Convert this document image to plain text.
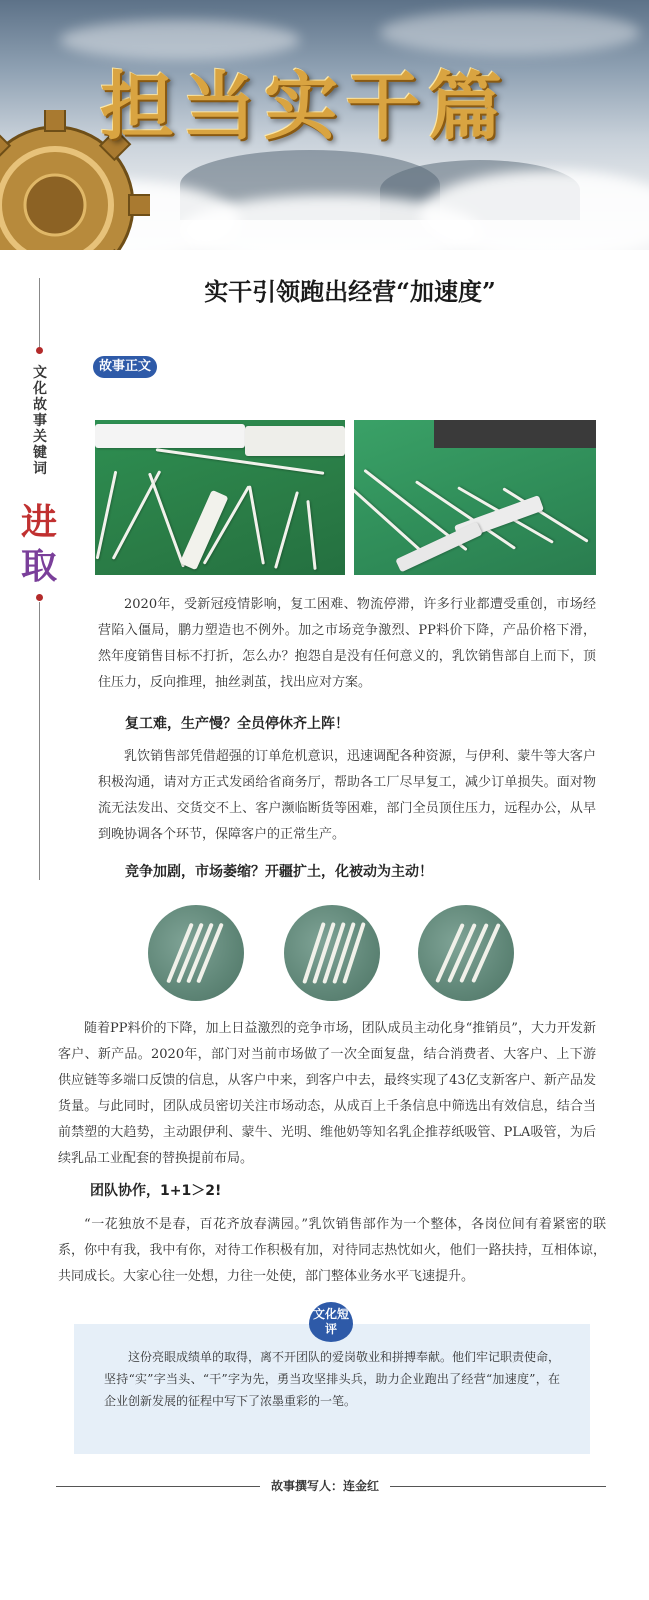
担当实干篇
文化故事关键词
进
取
实干引领跑出经营“加速度”
故事正文
2020年，受新冠疫情影响，复工困难、物流停滞，许多行业都遭受重创，市场经营陷入僵局，鹏力塑造也不例外。加之市场竞争激烈、PP料价下降，产品价格下滑，然年度销售目标不打折，怎么办？抱怨自是没有任何意义的，乳饮销售部自上而下，顶住压力，反向推理，抽丝剥茧，找出应对方案。
复工难，生产慢？全员停休齐上阵！
乳饮销售部凭借超强的订单危机意识，迅速调配各种资源，与伊利、蒙牛等大客户积极沟通，请对方正式发函给省商务厅，帮助各工厂尽早复工，减少订单损失。面对物流无法发出、交货交不上、客户濒临断货等困难，部门全员顶住压力，远程办公，从早到晚协调各个环节，保障客户的正常生产。
竞争加剧，市场萎缩？开疆扩土，化被动为主动！
随着PP料价的下降，加上日益激烈的竞争市场，团队成员主动化身“推销员”，大力开发新客户、新产品。2020年，部门对当前市场做了一次全面复盘，结合消费者、大客户、上下游供应链等多端口反馈的信息，从客户中来，到客户中去，最终实现了43亿支新客户、新产品发货量。与此同时，团队成员密切关注市场动态，从成百上千条信息中筛选出有效信息，结合当前禁塑的大趋势，主动跟伊利、蒙牛、光明、维他奶等知名乳企推荐纸吸管、PLA吸管，为后续乳品工业配套的替换提前布局。
团队协作，1+1＞2!
“一花独放不是春，百花齐放春满园。”乳饮销售部作为一个整体，各岗位间有着紧密的联系，你中有我，我中有你，对待工作积极有加，对待同志热忱如火，他们一路扶持，互相体谅，共同成长。大家心往一处想，力往一处使，部门整体业务水平飞速提升。
文化短评
这份亮眼成绩单的取得，离不开团队的爱岗敬业和拼搏奉献。他们牢记职责使命，坚持“实”字当头、“干”字为先，勇当攻坚排头兵，助力企业跑出了经营“加速度”，在企业创新发展的征程中写下了浓墨重彩的一笔。
故事撰写人：连金红
